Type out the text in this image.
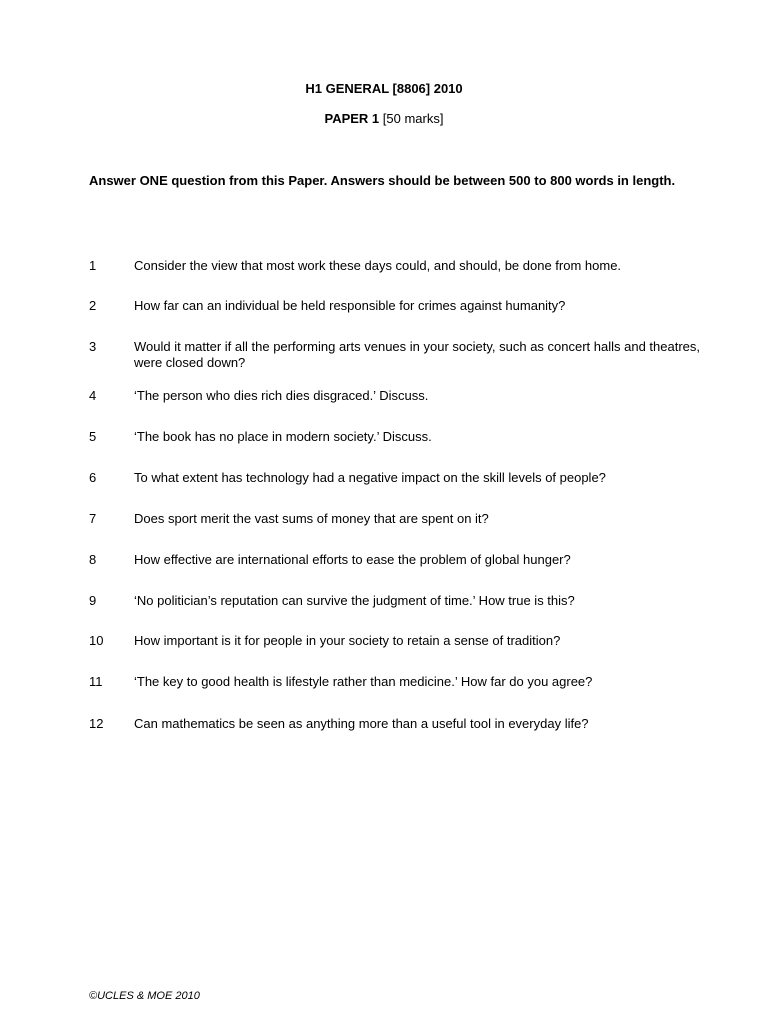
H1 GENERAL [8806] 2010
PAPER 1 [50 marks]
Answer ONE question from this Paper. Answers should be between 500 to 800 words in length.
1	Consider the view that most work these days could, and should, be done from home.
2	How far can an individual be held responsible for crimes against humanity?
3	Would it matter if all the performing arts venues in your society, such as concert halls and theatres, were closed down?
4	‘The person who dies rich dies disgraced.’ Discuss.
5	‘The book has no place in modern society.’ Discuss.
6	To what extent has technology had a negative impact on the skill levels of people?
7	Does sport merit the vast sums of money that are spent on it?
8	How effective are international efforts to ease the problem of global hunger?
9	‘No politician’s reputation can survive the judgment of time.’ How true is this?
10	How important is it for people in your society to retain a sense of tradition?
11	‘The key to good health is lifestyle rather than medicine.’ How far do you agree?
12	Can mathematics be seen as anything more than a useful tool in everyday life?
©UCLES & MOE 2010
